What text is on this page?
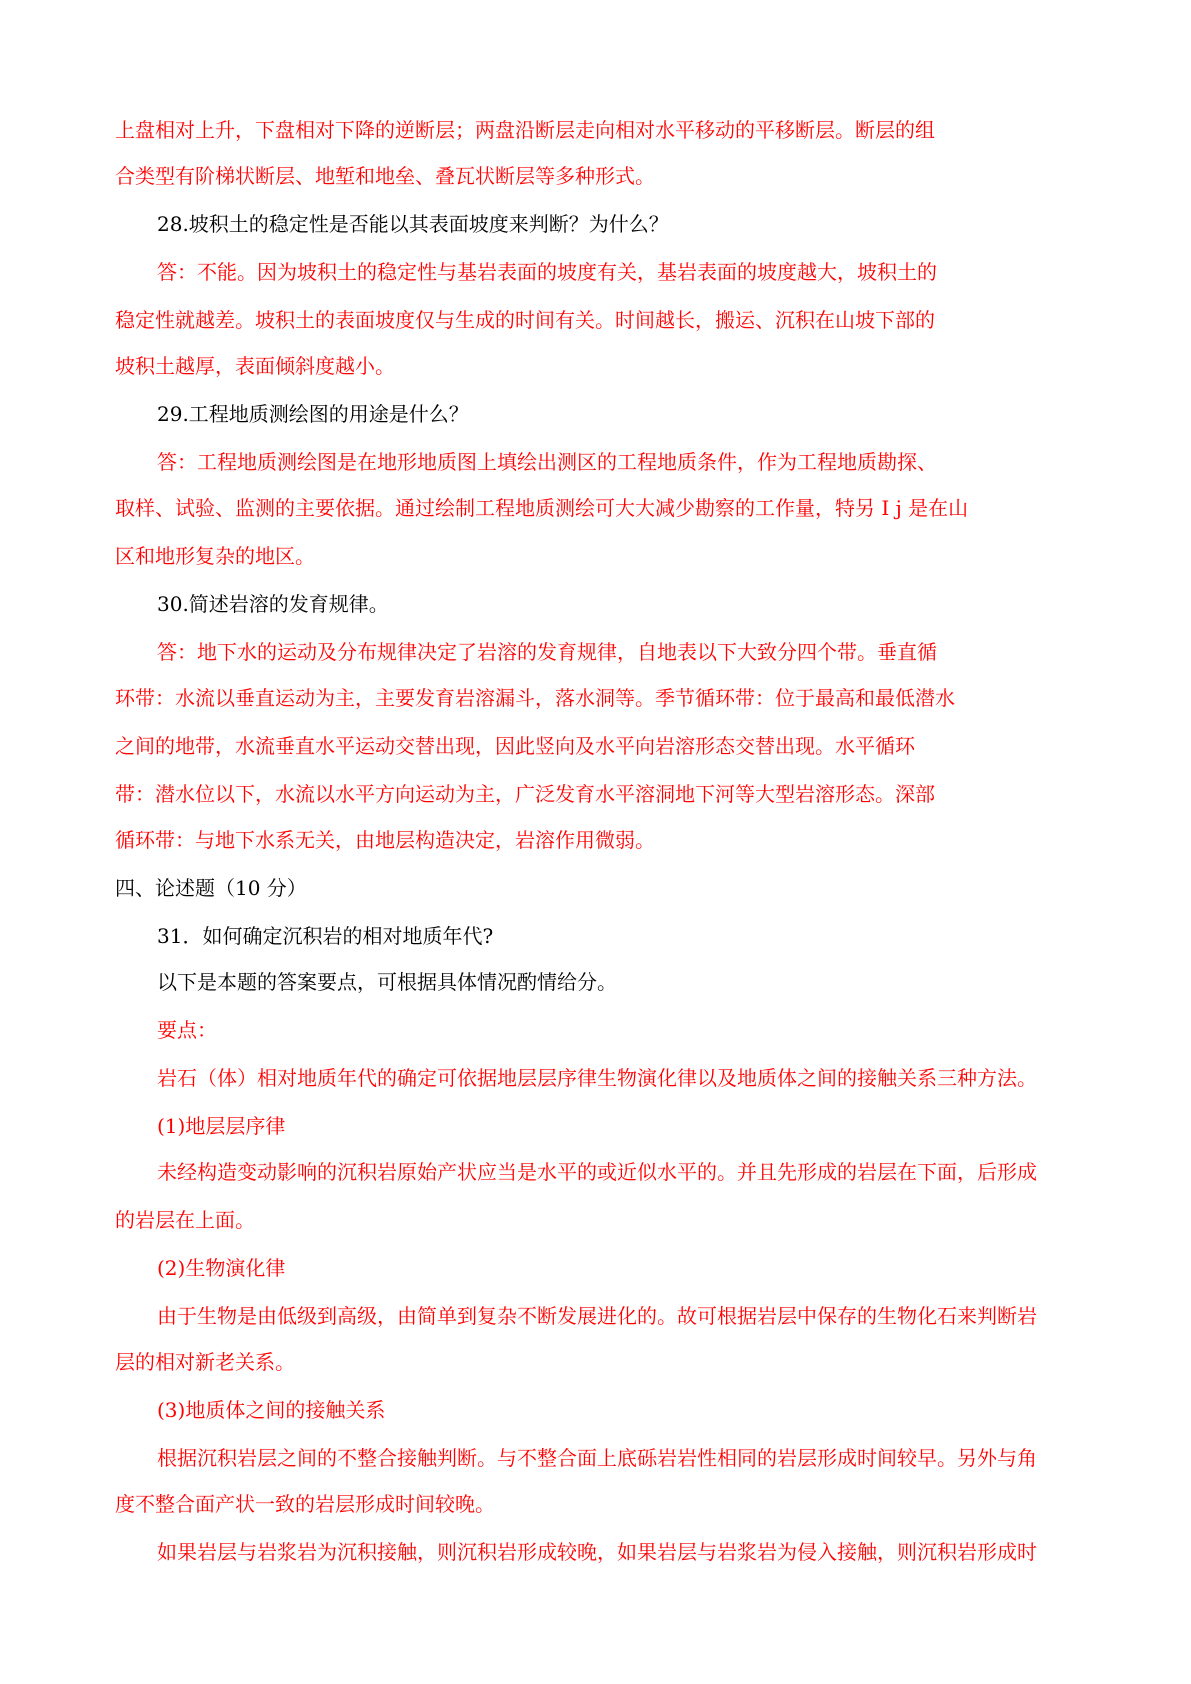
上盘相对上升，下盘相对下降的逆断层；两盘沿断层走向相对水平移动的平移断层。断层的组
合类型有阶梯状断层、地堑和地垒、叠瓦状断层等多种形式。
28.坡积土的稳定性是否能以其表面坡度来判断？为什么？
答：不能。因为坡积土的稳定性与基岩表面的坡度有关，基岩表面的坡度越大，坡积土的
稳定性就越差。坡积土的表面坡度仅与生成的时间有关。时间越长，搬运、沉积在山坡下部的
坡积土越厚，表面倾斜度越小。
29.工程地质测绘图的用途是什么？
答：工程地质测绘图是在地形地质图上填绘出测区的工程地质条件，作为工程地质勘探、
取样、试验、监测的主要依据。通过绘制工程地质测绘可大大减少勘察的工作量，特另 I j 是在山
区和地形复杂的地区。
30.简述岩溶的发育规律。
答：地下水的运动及分布规律决定了岩溶的发育规律，自地表以下大致分四个带。垂直循
环带：水流以垂直运动为主，主要发育岩溶漏斗，落水洞等。季节循环带：位于最高和最低潜水
之间的地带，水流垂直水平运动交替出现，因此竖向及水平向岩溶形态交替出现。水平循环
带：潜水位以下，水流以水平方向运动为主，广泛发育水平溶洞地下河等大型岩溶形态。深部
循环带：与地下水系无关，由地层构造决定，岩溶作用微弱。
四、论述题（10 分）
31．如何确定沉积岩的相对地质年代?
以下是本题的答案要点，可根据具体情况酌情给分。
要点：
岩石（体）相对地质年代的确定可依据地层层序律生物演化律以及地质体之间的接触关系三种方法。
(1)地层层序律
未经构造变动影响的沉积岩原始产状应当是水平的或近似水平的。并且先形成的岩层在下面，后形成
的岩层在上面。
(2)生物演化律
由于生物是由低级到高级，由简单到复杂不断发展进化的。故可根据岩层中保存的生物化石来判断岩
层的相对新老关系。
(3)地质体之间的接触关系
根据沉积岩层之间的不整合接触判断。与不整合面上底砾岩岩性相同的岩层形成时间较早。另外与角
度不整合面产状一致的岩层形成时间较晚。
如果岩层与岩浆岩为沉积接触，则沉积岩形成较晚，如果岩层与岩浆岩为侵入接触，则沉积岩形成时
